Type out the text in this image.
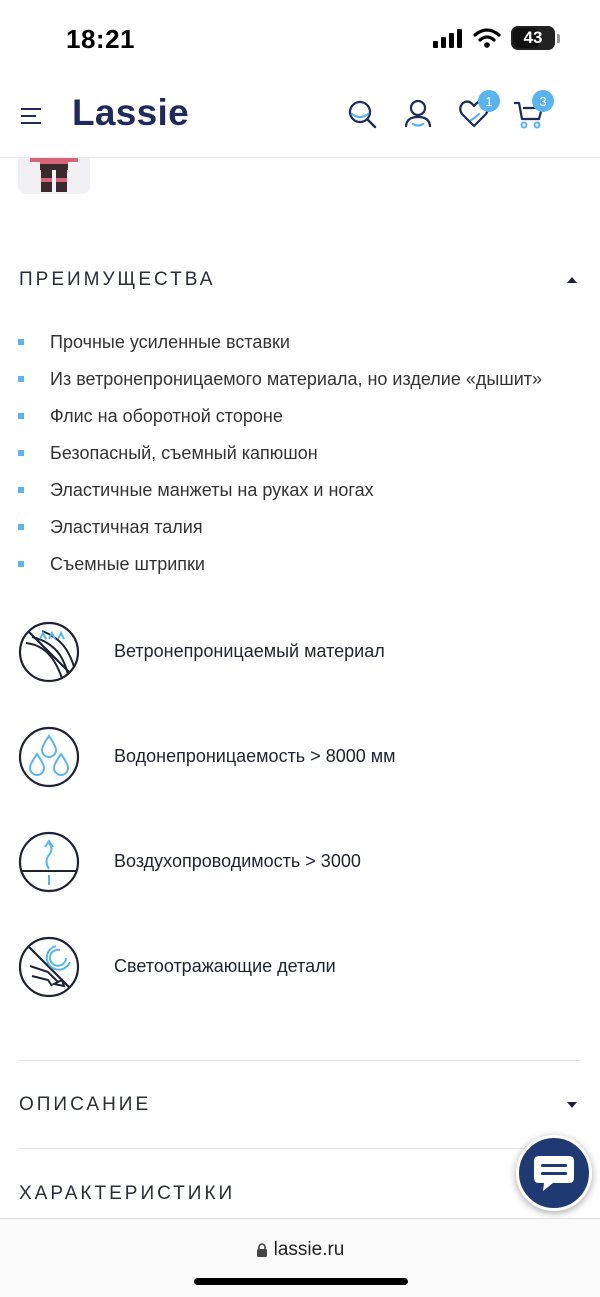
18:21	43
Lassie	1	3
ПРЕИМУЩЕСТВА
Прочные усиленные вставки
Из ветронепроницаемого материала, но изделие «дышит»
Флис на оборотной стороне
Безопасный, съемный капюшон
Эластичные манжеты на руках и ногах
Эластичная талия
Съемные штрипки
Ветронепроницаемый материал
Водонепроницаемость > 8000 мм
Воздухопроводимость > 3000
Светоотражающие детали
ОПИСАНИЕ
ХАРАКТЕРИСТИКИ
lassie.ru
